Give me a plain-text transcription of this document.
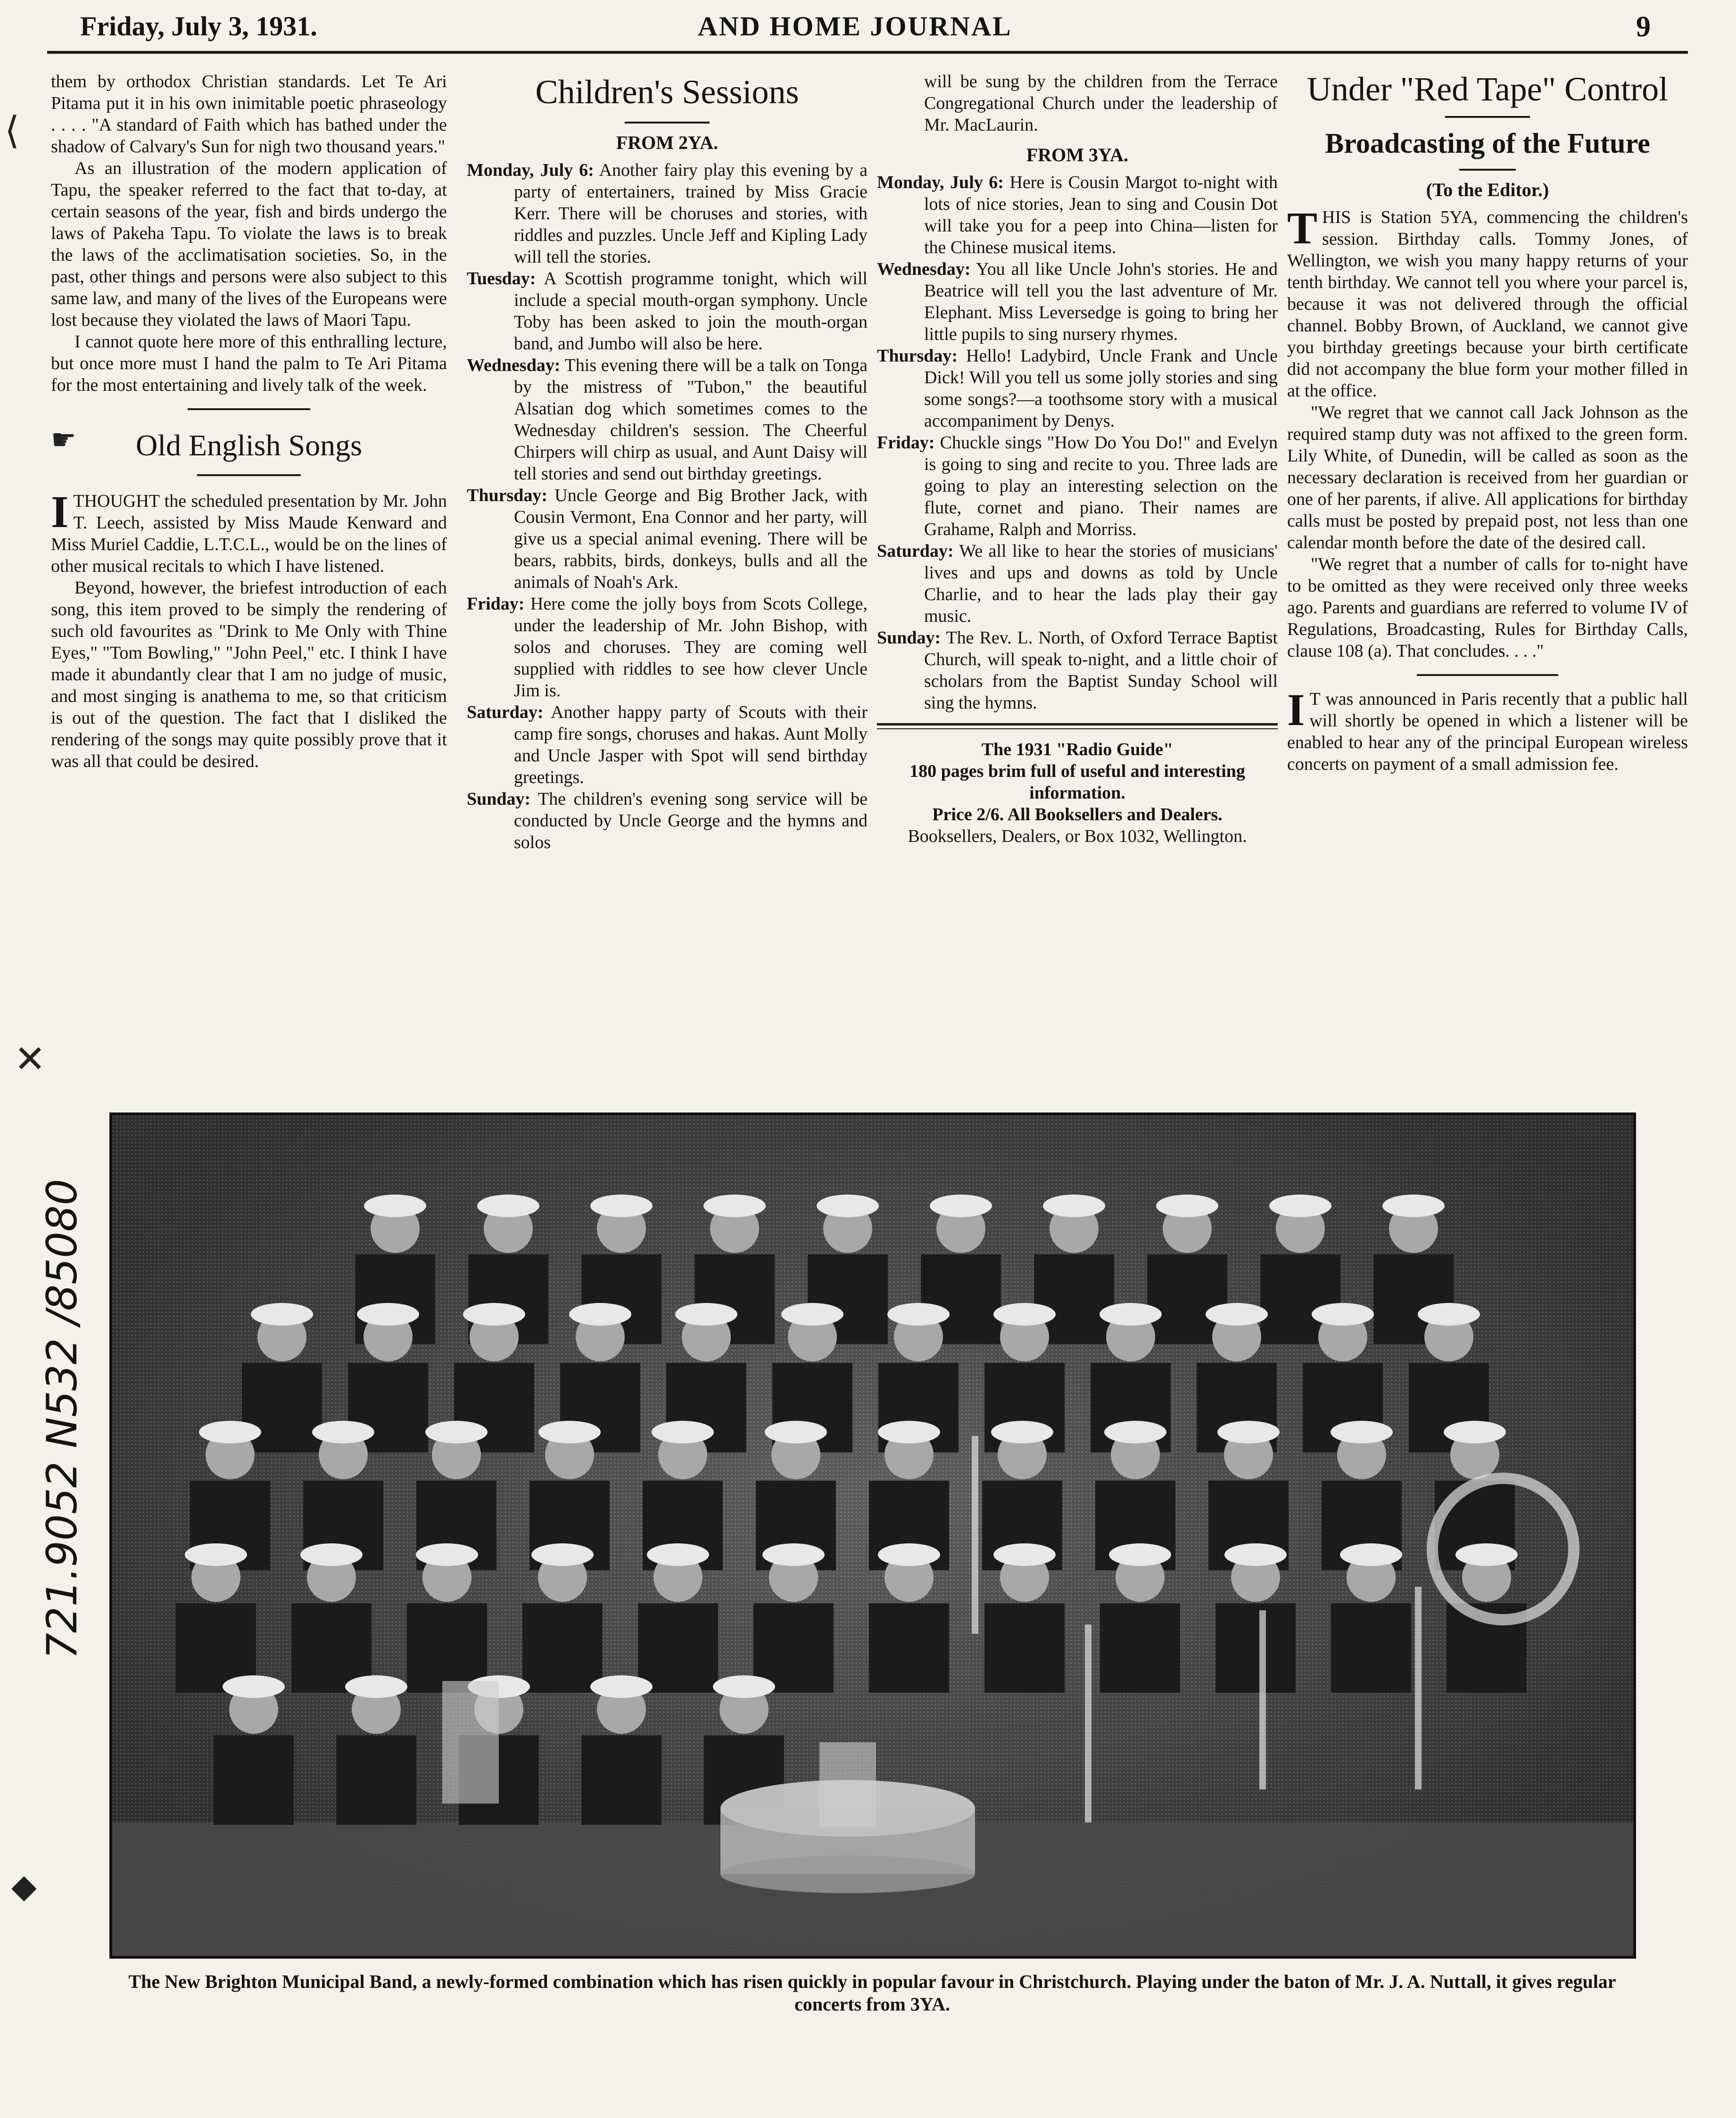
Friday, July 3, 1931.	AND HOME JOURNAL	9

them by orthodox Christian standards. Let Te Ari Pitama put it in his own inimitable poetic phraseology . . . . "A standard of Faith which has bathed under the shadow of Calvary's Sun for nigh two thousand years."

As an illustration of the modern application of Tapu, the speaker referred to the fact that to-day, at certain seasons of the year, fish and birds undergo the laws of Pakeha Tapu. To violate the laws is to break the laws of the acclimatisation societies. So, in the past, other things and persons were also subject to this same law, and many of the lives of the Europeans were lost because they violated the laws of Maori Tapu.

I cannot quote here more of this enthralling lecture, but once more must I hand the palm to Te Ari Pitama for the most entertaining and lively talk of the week.

☛	Old English Songs

ITHOUGHT the scheduled presentation by Mr. John T. Leech, assisted by Miss Maude Kenward and Miss Muriel Caddie, L.T.C.L., would be on the lines of other musical recitals to which I have listened.

Beyond, however, the briefest introduction of each song, this item proved to be simply the rendering of such old favourites as "Drink to Me Only with Thine Eyes," "Tom Bowling," "John Peel," etc. I think I have made it abundantly clear that I am no judge of music, and most singing is anathema to me, so that criticism is out of the question. The fact that I disliked the rendering of the songs may quite possibly prove that it was all that could be desired.

Children's Sessions
FROM 2YA.

Monday, July 6: Another fairy play this evening by a party of entertainers, trained by Miss Gracie Kerr. There will be choruses and stories, with riddles and puzzles. Uncle Jeff and Kipling Lady will tell the stories.

Tuesday: A Scottish programme tonight, which will include a special mouth-organ symphony. Uncle Toby has been asked to join the mouth-organ band, and Jumbo will also be here.

Wednesday: This evening there will be a talk on Tonga by the mistress of "Tubon," the beautiful Alsatian dog which sometimes comes to the Wednesday children's session. The Cheerful Chirpers will chirp as usual, and Aunt Daisy will tell stories and send out birthday greetings.

Thursday: Uncle George and Big Brother Jack, with Cousin Vermont, Ena Connor and her party, will give us a special animal evening. There will be bears, rabbits, birds, donkeys, bulls and all the animals of Noah's Ark.

Friday: Here come the jolly boys from Scots College, under the leadership of Mr. John Bishop, with solos and choruses. They are coming well supplied with riddles to see how clever Uncle Jim is.

Saturday: Another happy party of Scouts with their camp fire songs, choruses and hakas. Aunt Molly and Uncle Jasper with Spot will send birthday greetings.

Sunday: The children's evening song service will be conducted by Uncle George and the hymns and solos

will be sung by the children from the Terrace Congregational Church under the leadership of Mr. MacLaurin.

FROM 3YA.

Monday, July 6: Here is Cousin Margot to-night with lots of nice stories, Jean to sing and Cousin Dot will take you for a peep into China—listen for the Chinese musical items.

Wednesday: You all like Uncle John's stories. He and Beatrice will tell you the last adventure of Mr. Elephant. Miss Leversedge is going to bring her little pupils to sing nursery rhymes.

Thursday: Hello! Ladybird, Uncle Frank and Uncle Dick! Will you tell us some jolly stories and sing some songs?—a toothsome story with a musical accompaniment by Denys.

Friday: Chuckle sings "How Do You Do!" and Evelyn is going to sing and recite to you. Three lads are going to play an interesting selection on the flute, cornet and piano. Their names are Grahame, Ralph and Morriss.

Saturday: We all like to hear the stories of musicians' lives and ups and downs as told by Uncle Charlie, and to hear the lads play their gay music.

Sunday: The Rev. L. North, of Oxford Terrace Baptist Church, will speak to-night, and a little choir of scholars from the Baptist Sunday School will sing the hymns.

The 1931 "Radio Guide"
180 pages brim full of useful and interesting information.
Price 2/6. All Booksellers and Dealers.
Booksellers, Dealers, or Box 1032, Wellington.
Under "Red Tape" Control
Broadcasting of the Future
(To the Editor.)

THIS is Station 5YA, commencing the children's session. Birthday calls. Tommy Jones, of Wellington, we wish you many happy returns of your tenth birthday. We cannot tell you where your parcel is, because it was not delivered through the official channel. Bobby Brown, of Auckland, we cannot give you birthday greetings because your birth certificate did not accompany the blue form your mother filled in at the office.

"We regret that we cannot call Jack Johnson as the required stamp duty was not affixed to the green form. Lily White, of Dunedin, will be called as soon as the necessary declaration is received from her guardian or one of her parents, if alive. All applications for birthday calls must be posted by prepaid post, not less than one calendar month before the date of the desired call.

"We regret that a number of calls for to-night have to be omitted as they were received only three weeks ago. Parents and guardians are referred to volume IV of Regulations, Broadcasting, Rules for Birthday Calls, clause 108 (a). That concludes. . . ."

I T was announced in Paris recently that a public hall will shortly be opened in which a listener will be enabled to hear any of the principal European wireless concerts on payment of a small admission fee.

The New Brighton Municipal Band, a newly-formed combination which has risen quickly in popular favour in Christchurch. Playing under the baton of Mr. J. A. Nuttall, it gives regular concerts from 3YA.
⟨
✕
721.9052 N532 /85080
◆
